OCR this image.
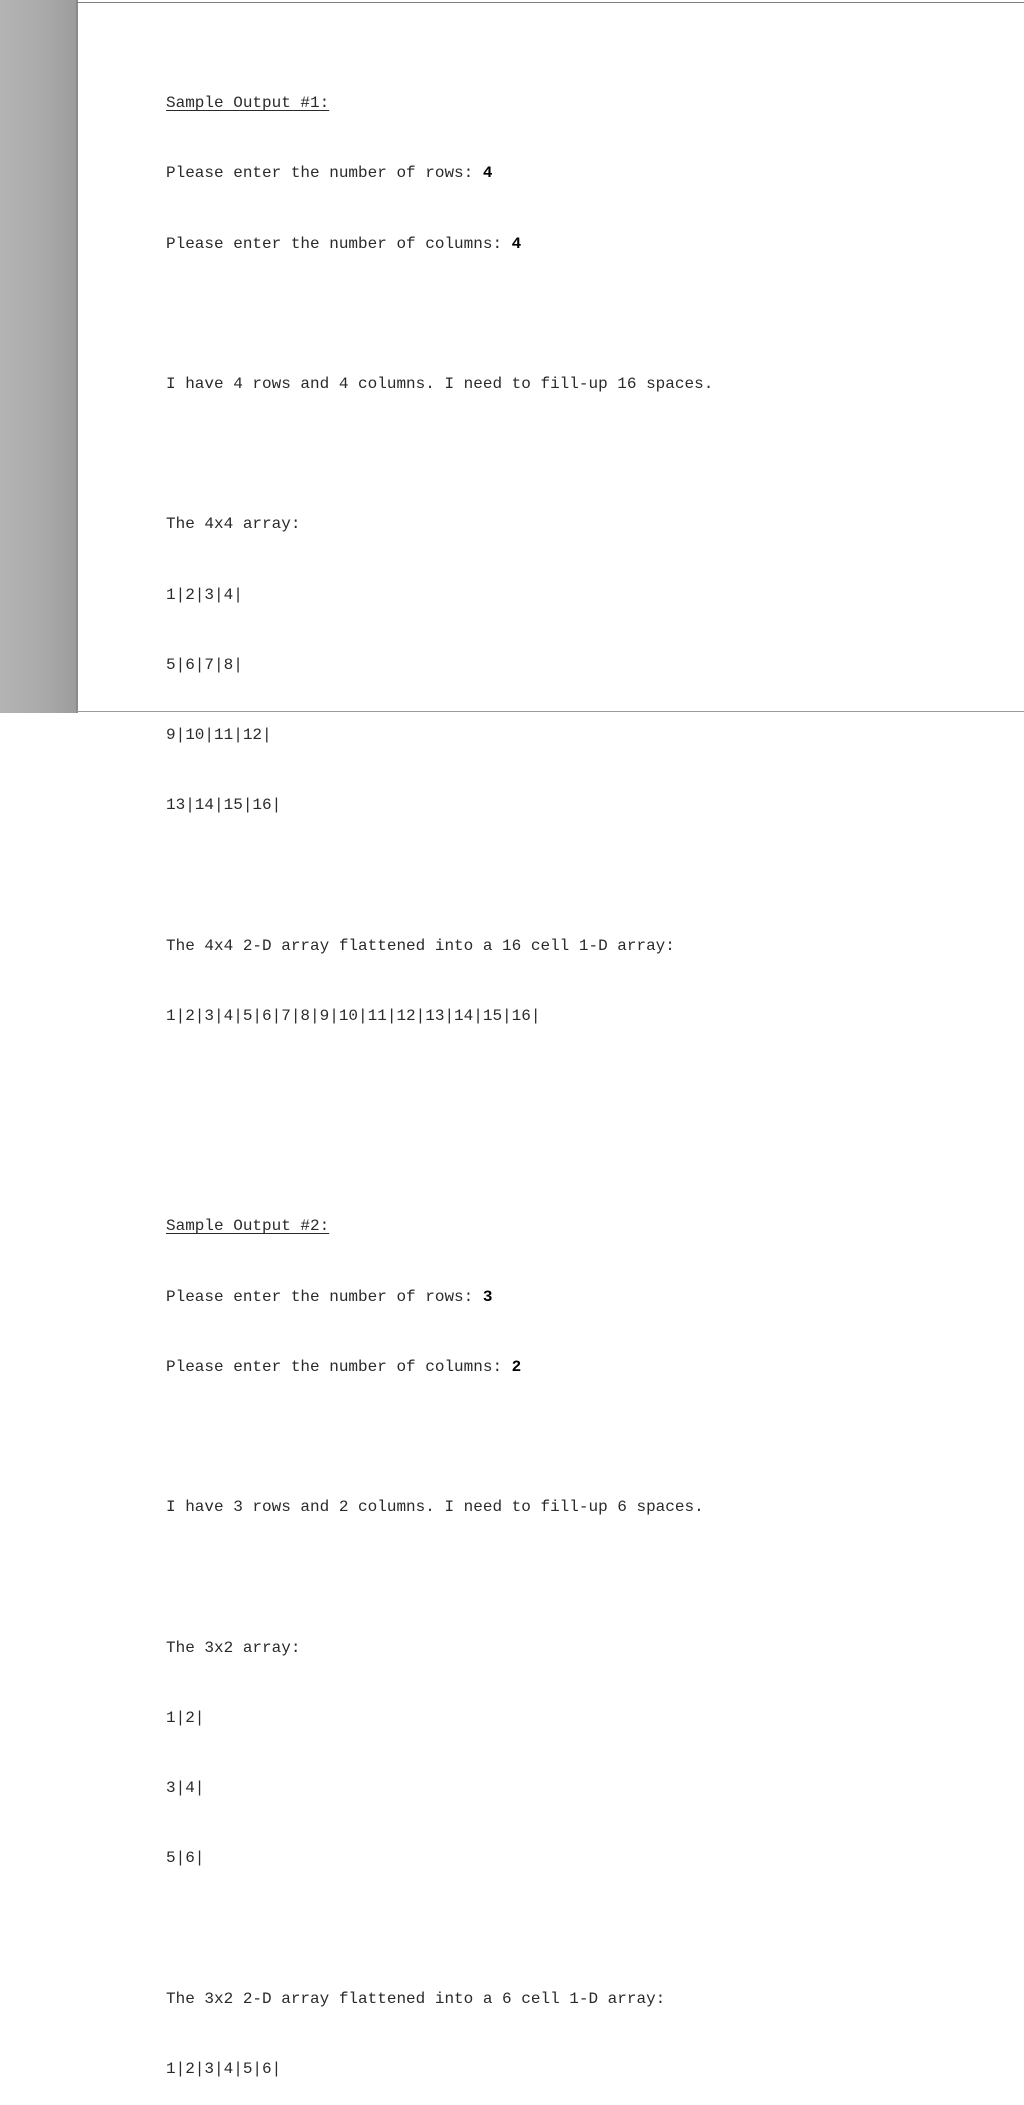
Sample Output #1:

Please enter the number of rows: 4

Please enter the number of columns: 4

I have 4 rows and 4 columns. I need to fill-up 16 spaces.

The 4x4 array:

1|2|3|4|

5|6|7|8|

9|10|11|12|

13|14|15|16|

The 4x4 2-D array flattened into a 16 cell 1-D array:

1|2|3|4|5|6|7|8|9|10|11|12|13|14|15|16|

Sample Output #2:

Please enter the number of rows: 3

Please enter the number of columns: 2

I have 3 rows and 2 columns. I need to fill-up 6 spaces.

The 3x2 array:

1|2|

3|4|

5|6|

The 3x2 2-D array flattened into a 6 cell 1-D array:

1|2|3|4|5|6|
